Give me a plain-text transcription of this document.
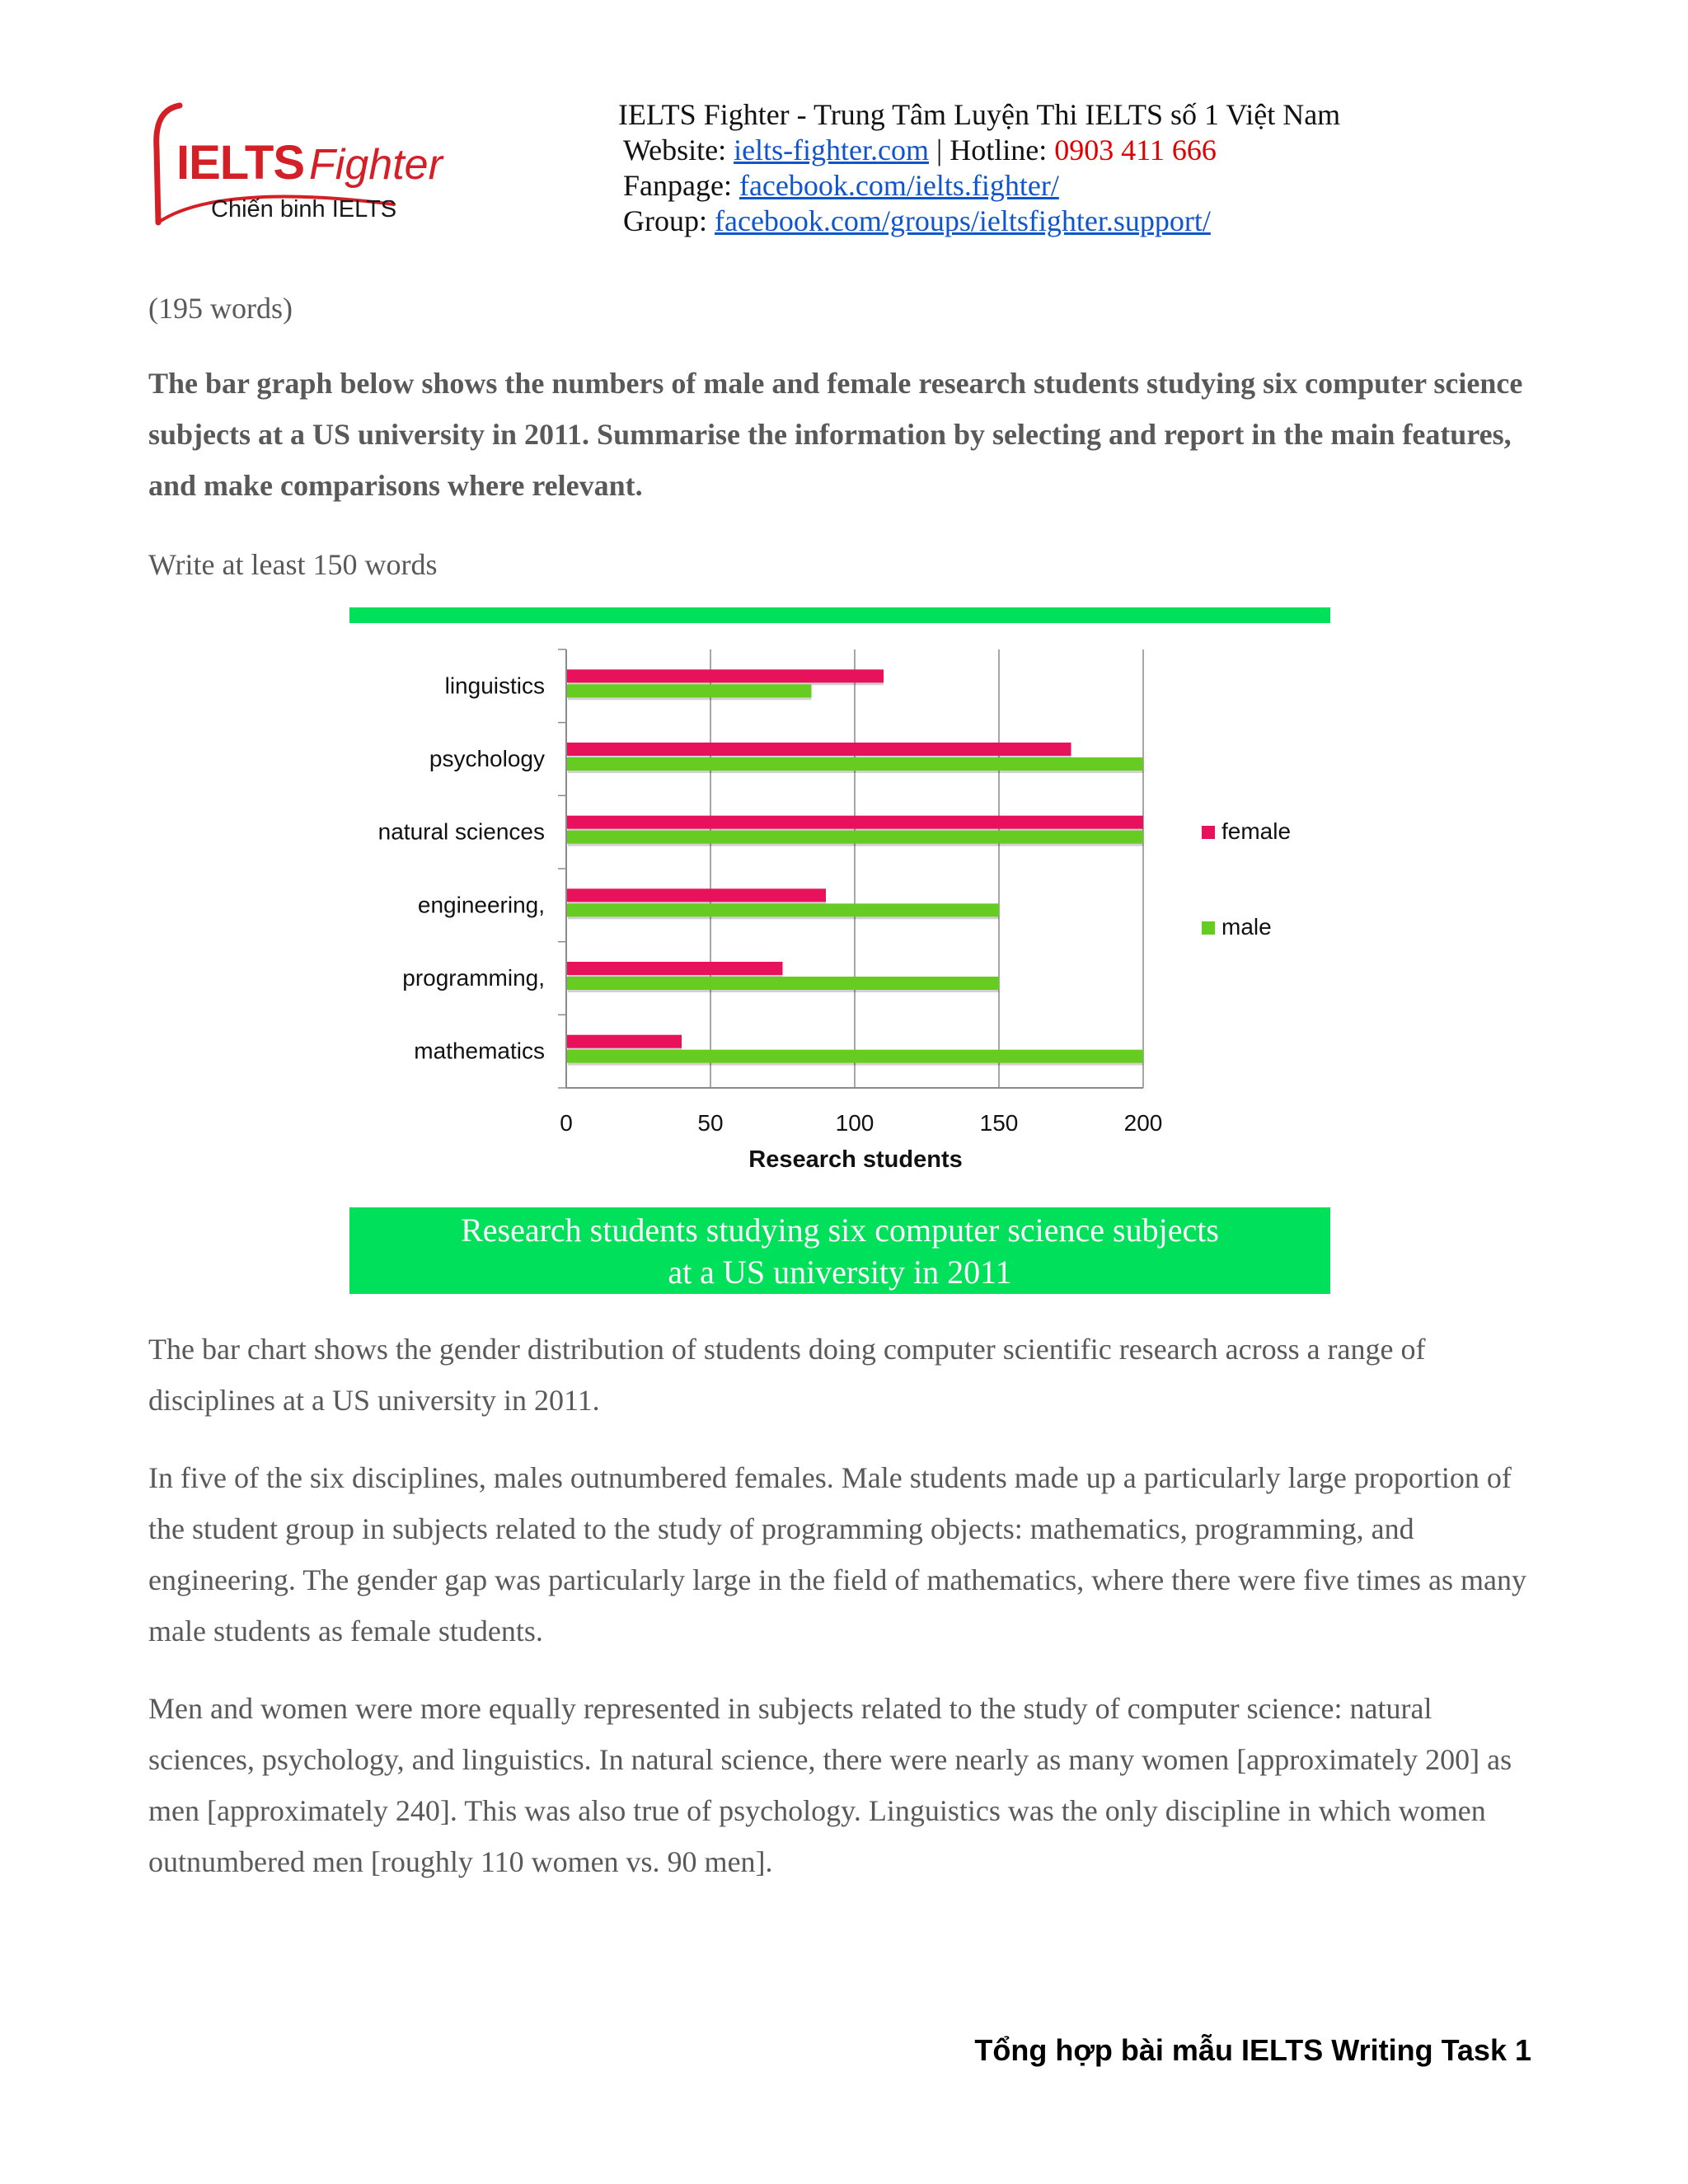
IELTS Fighter
Chiến binh IELTS
IELTS Fighter - Trung Tâm Luyện Thi IELTS số 1 Việt Nam
Website: ielts-fighter.com | Hotline: 0903 411 666
Fanpage: facebook.com/ielts.fighter/
Group: facebook.com/groups/ieltsfighter.support/
(195 words)
The bar graph below shows the numbers of male and female research students studying six computer science subjects at a US university in 2011. Summarise the information by selecting and report in the main features, and make comparisons where relevant.
Write at least 150 words
linguistics
psychology
natural sciences
engineering,
programming,
mathematics
0	50	100	150	200
Research students
female
male
Research students studying six computer science subjects
at a US university in 2011
The bar chart shows the gender distribution of students doing computer scientific research across a range of disciplines at a US university in 2011.
In five of the six disciplines, males outnumbered females. Male students made up a particularly large proportion of the student group in subjects related to the study of programming objects: mathematics, programming, and engineering. The gender gap was particularly large in the field of mathematics, where there were five times as many male students as female students.
Men and women were more equally represented in subjects related to the study of computer science: natural sciences, psychology, and linguistics. In natural science, there were nearly as many women [approximately 200] as men [approximately 240]. This was also true of psychology. Linguistics was the only discipline in which women outnumbered men [roughly 110 women vs. 90 men].
Tổng hợp bài mẫu IELTS Writing Task 1
